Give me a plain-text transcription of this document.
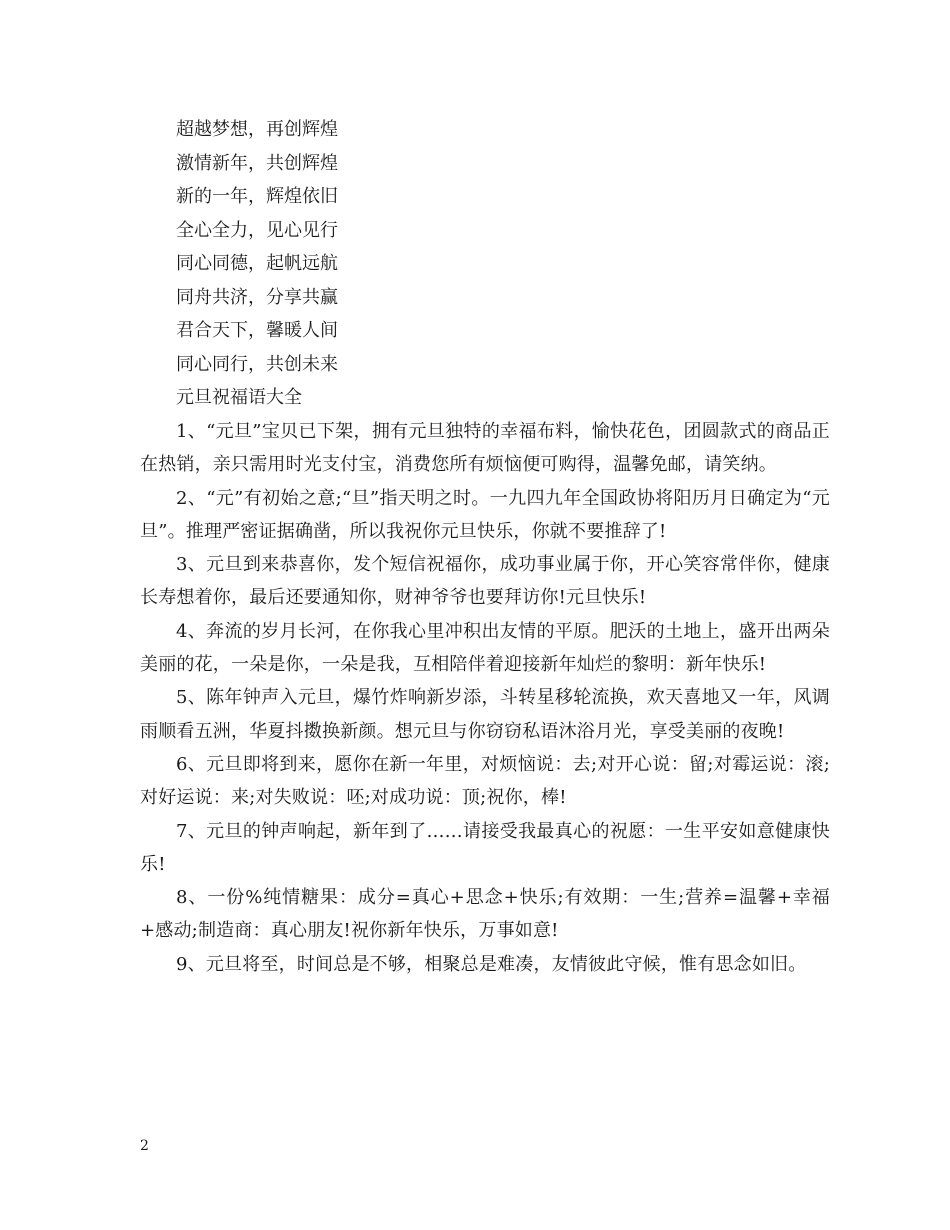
超越梦想，再创辉煌
激情新年，共创辉煌
新的一年，辉煌依旧
全心全力，见心见行
同心同德，起帆远航
同舟共济，分享共赢
君合天下，馨暖人间
同心同行，共创未来
元旦祝福语大全

1、“元旦”宝贝已下架，拥有元旦独特的幸福布料，愉快花色，团圆款式的商品正在热销，亲只需用时光支付宝，消费您所有烦恼便可购得，温馨免邮，请笑纳。

2、“元”有初始之意;“旦”指天明之时。一九四九年全国政协将阳历月日确定为“元旦”。推理严密证据确凿，所以我祝你元旦快乐，你就不要推辞了!

3、元旦到来恭喜你，发个短信祝福你，成功事业属于你，开心笑容常伴你，健康长寿想着你，最后还要通知你，财神爷爷也要拜访你!元旦快乐!

4、奔流的岁月长河，在你我心里冲积出友情的平原。肥沃的土地上，盛开出两朵美丽的花，一朵是你，一朵是我，互相陪伴着迎接新年灿烂的黎明：新年快乐!

5、陈年钟声入元旦，爆竹炸响新岁添，斗转星移轮流换，欢天喜地又一年，风调雨顺看五洲，华夏抖擞换新颜。想元旦与你窃窃私语沐浴月光，享受美丽的夜晚!

6、元旦即将到来，愿你在新一年里，对烦恼说：去;对开心说：留;对霉运说：滚;对好运说：来;对失败说：呸;对成功说：顶;祝你，棒!

7、元旦的钟声响起，新年到了……请接受我最真心的祝愿：一生平安如意健康快乐!

8、一份%纯情糖果：成分=真心+思念+快乐;有效期：一生;营养=温馨+幸福+感动;制造商：真心朋友!祝你新年快乐，万事如意!

9、元旦将至，时间总是不够，相聚总是难凑，友情彼此守候，惟有思念如旧。

2
